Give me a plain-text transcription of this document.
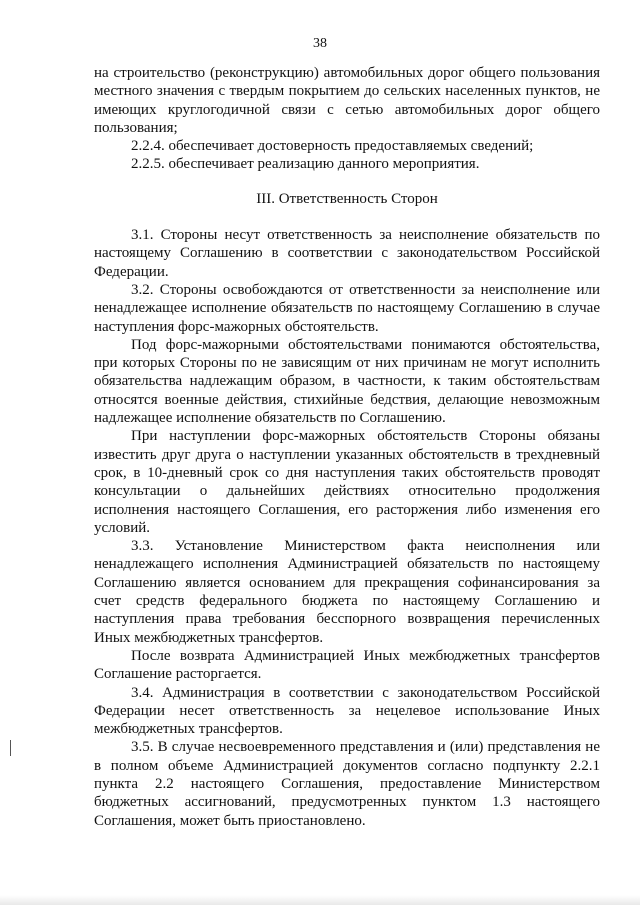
38

на строительство (реконструкцию) автомобильных дорог общего пользования местного значения с твердым покрытием до сельских населенных пунктов, не имеющих круглогодичной связи с сетью автомобильных дорог общего пользования;

2.2.4. обеспечивает достоверность предоставляемых сведений;

2.2.5. обеспечивает реализацию данного мероприятия.

III. Ответственность Сторон

3.1. Стороны несут ответственность за неисполнение обязательств по настоящему Соглашению в соответствии с законодательством Российской Федерации.

3.2. Стороны освобождаются от ответственности за неисполнение или ненадлежащее исполнение обязательств по настоящему Соглашению в случае наступления форс-мажорных обстоятельств.

Под форс-мажорными обстоятельствами понимаются обстоятельства, при которых Стороны по не зависящим от них причинам не могут исполнить обязательства надлежащим образом, в частности, к таким обстоятельствам относятся военные действия, стихийные бедствия, делающие невозможным надлежащее исполнение обязательств по Соглашению.

При наступлении форс-мажорных обстоятельств Стороны обязаны известить друг друга о наступлении указанных обстоятельств в трехдневный срок, в 10-дневный срок со дня наступления таких обстоятельств проводят консультации о дальнейших действиях относительно продолжения исполнения настоящего Соглашения, его расторжения либо изменения его условий.

3.3. Установление Министерством факта неисполнения или ненадлежащего исполнения Администрацией обязательств по настоящему Соглашению является основанием для прекращения софинансирования за счет средств федерального бюджета по настоящему Соглашению и наступления права требования бесспорного возвращения перечисленных Иных межбюджетных трансфертов.

После возврата Администрацией Иных межбюджетных трансфертов Соглашение расторгается.

3.4. Администрация в соответствии с законодательством Российской Федерации несет ответственность за нецелевое использование Иных межбюджетных трансфертов.

3.5. В случае несвоевременного представления и (или) представления не в полном объеме Администрацией документов согласно подпункту 2.2.1 пункта 2.2 настоящего Соглашения, предоставление Министерством бюджетных ассигнований, предусмотренных пунктом 1.3 настоящего Соглашения, может быть приостановлено.
